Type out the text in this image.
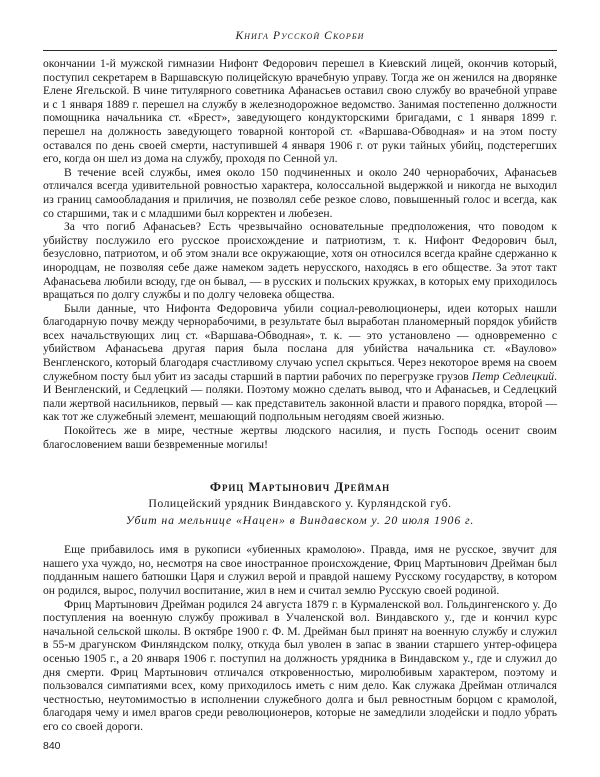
Книга Русской Скорби

окончании 1-й мужской гимназии Нифонт Федорович перешел в Киевский лицей, окончив который, поступил секретарем в Варшавскую полицейскую врачебную управу. Тогда же он женился на дворянке Елене Ягельской. В чине титулярного советника Афанасьев оставил свою службу во врачебной управе и с 1 января 1889 г. перешел на службу в железнодорожное ведомство. Занимая постепенно должности помощника начальника ст. «Брест», заведующего кондукторскими бригадами, с 1 января 1899 г. перешел на должность заведующего товарной конторой ст. «Варшава-Обводная» и на этом посту оставался по день своей смерти, наступившей 4 января 1906 г. от руки тайных убийц, подстерегших его, когда он шел из дома на службу, проходя по Сенной ул.

В течение всей службы, имея около 150 подчиненных и около 240 чернорабочих, Афанасьев отличался всегда удивительной ровностью характера, колоссальной выдержкой и никогда не выходил из границ самообладания и приличия, не позволял себе резкое слово, повышенный голос и всегда, как со старшими, так и с младшими был корректен и любезен.

За что погиб Афанасьев? Есть чрезвычайно основательные предположения, что поводом к убийству послужило его русское происхождение и патриотизм, т. к. Нифонт Федорович был, безусловно, патриотом, и об этом знали все окружающие, хотя он относился всегда крайне сдержанно к инородцам, не позволяя себе даже намеком задеть нерусского, находясь в его обществе. За этот такт Афанасьева любили всюду, где он бывал, — в русских и польских кружках, в которых ему приходилось вращаться по долгу службы и по долгу человека общества.

Были данные, что Нифонта Федоровича убили социал-революционеры, идеи которых нашли благодарную почву между чернорабочими, в результате был выработан планомерный порядок убийств всех начальствующих лиц ст. «Варшава-Обводная», т. к. — это установлено — одновременно с убийством Афанасьева другая пария была послана для убийства начальника ст. «Ваулово» Венгленского, который благодаря счастливому случаю успел скрыться. Через некоторое время на своем служебном посту был убит из засады старший в партии рабочих по перегрузке грузов Петр Седлецкий. И Венгленский, и Седлецкий — поляки. Поэтому можно сделать вывод, что и Афанасьев, и Седлецкий пали жертвой насильников, первый — как представитель законной власти и правого порядка, второй — как тот же служебный элемент, мешающий подпольным негодяям своей жизнью.

Покойтесь же в мире, честные жертвы людского насилия, и пусть Господь осенит своим благословением ваши безвременные могилы!

Фриц Мартынович Дрейман
Полицейский урядник Виндавского у. Курляндской губ.
Убит на мельнице «Нацен» в Виндавском у. 20 июля 1906 г.

Еще прибавилось имя в рукописи «убиенных крамолою». Правда, имя не русское, звучит для нашего уха чуждо, но, несмотря на свое иностранное происхождение, Фриц Мартынович Дрейман был подданным нашего батюшки Царя и служил верой и правдой нашему Русскому государству, в котором он родился, вырос, получил воспитание, жил в нем и считал землю Русскую своей родиной.

Фриц Мартынович Дрейман родился 24 августа 1879 г. в Курмаленской вол. Гольдингенского у. До поступления на военную службу проживал в Учаленской вол. Виндавского у., где и кончил курс начальной сельской школы. В октябре 1900 г. Ф. М. Дрейман был принят на военную службу и служил в 55-м драгунском Финляндском полку, откуда был уволен в запас в звании старшего унтер-офицера осенью 1905 г., а 20 января 1906 г. поступил на должность урядника в Виндавском у., где и служил до дня смерти. Фриц Мартынович отличался откровенностью, миролюбивым характером, поэтому и пользовался симпатиями всех, кому приходилось иметь с ним дело. Как служака Дрейман отличался честностью, неутомимостью в исполнении служебного долга и был ревностным борцом с крамолой, благодаря чему и имел врагов среди революционеров, которые не замедлили злодейски и подло убрать его со своей дороги.

840
